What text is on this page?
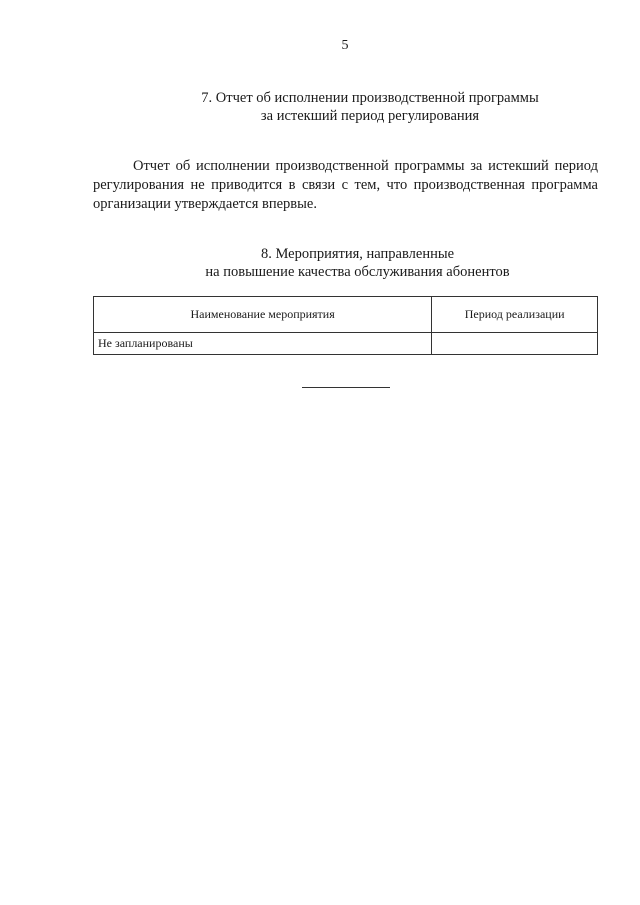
5
7. Отчет об исполнении производственной программы
за истекший период регулирования
Отчет об исполнении производственной программы за истекший период регулирования не приводится в связи с тем, что производственная программа организации утверждается впервые.
8. Мероприятия, направленные
на повышение качества обслуживания абонентов
Наименование мероприятия	Период реализации
Не запланированы	
